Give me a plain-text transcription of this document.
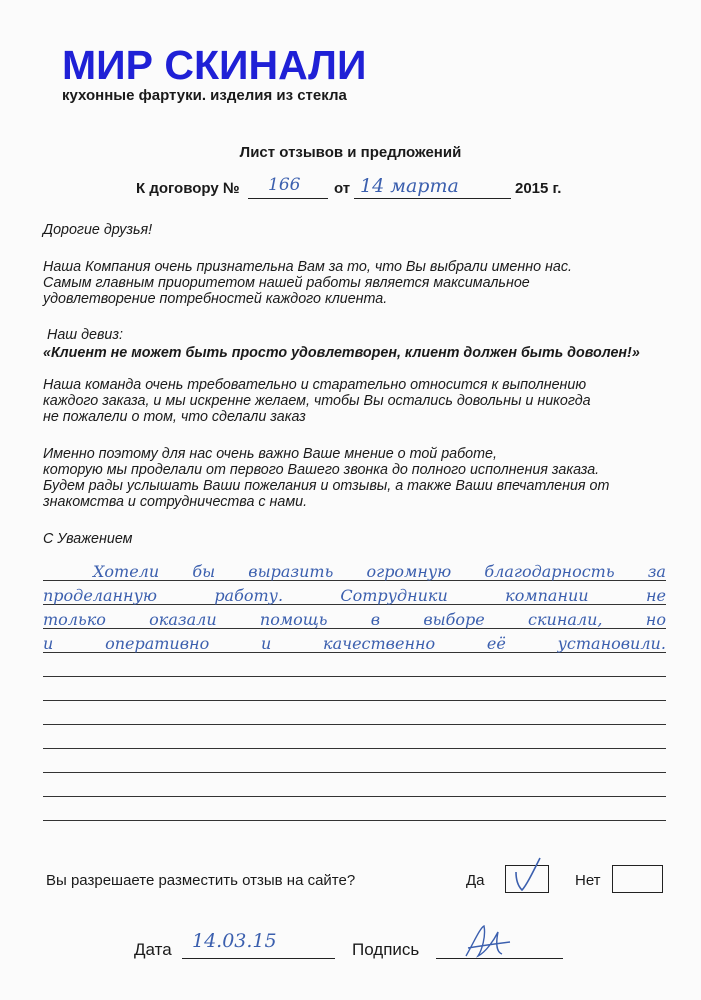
МИР СКИНАЛИ
кухонные фартуки. изделия из стекла
Лист отзывов и предложений
К договору № 166 от 14 марта	2015 г.
Дорогие друзья!
Наша Компания очень признательна Вам за то, что Вы выбрали именно нас.
Самым главным приоритетом нашей работы является максимальное
удовлетворение потребностей каждого клиента.
Наш девиз:
«Клиент не может быть просто удовлетворен, клиент должен быть доволен!»
Наша команда очень требовательно и старательно относится к выполнению
каждого заказа, и мы искренне желаем, чтобы Вы остались довольны и никогда
не пожалели о том, что сделали заказ
Именно поэтому для нас очень важно Ваше мнение о той работе,
которую мы проделали от первого Вашего звонка до полного исполнения заказа.
Будем рады услышать Ваши пожелания и отзывы, а также Ваши впечатления от
знакомства и сотрудничества с нами.
С Уважением
Хотели бы выразить огромную благодарность за
проделанную	работу.	Сотрудники	компании	не
только	оказали	помощь	в	выборе	скинали,	но
и	оперативно	и	качественно	её	установили.
Вы разрешаете разместить отзыв на сайте?	Да	Нет
Дата 14.03.15	Подпись
